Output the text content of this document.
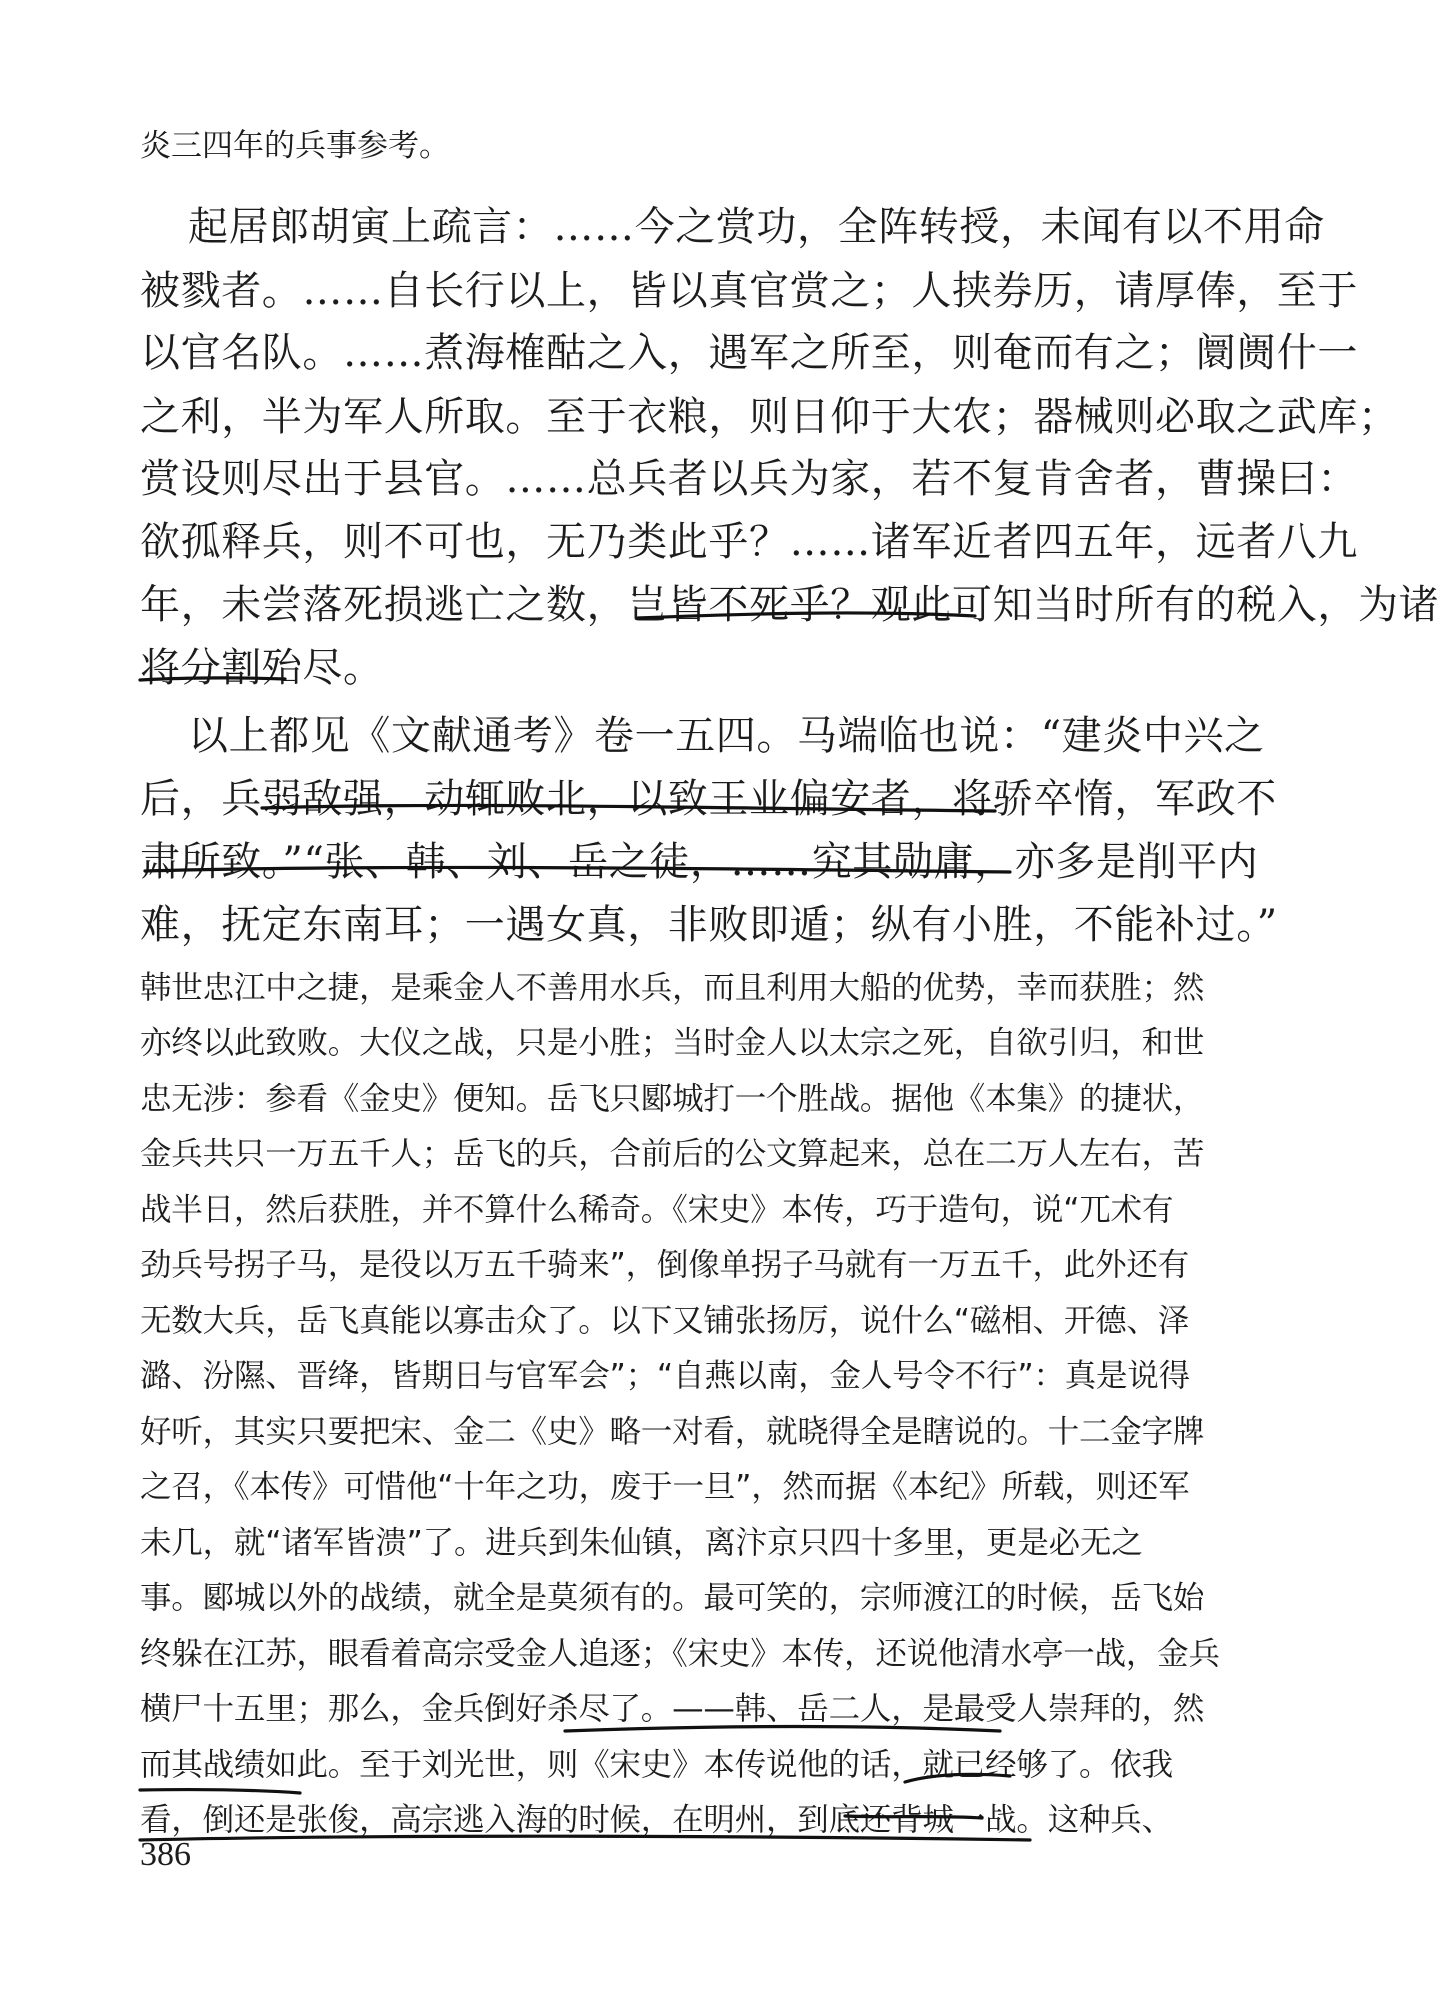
炎三四年的兵事参考。
起居郎胡寅上疏言：……今之赏功，全阵转授，未闻有以不用命
被戮者。……自长行以上，皆以真官赏之；人挟券历，请厚俸，至于
以官名队。……煮海榷酤之入，遇军之所至，则奄而有之；阛阓什一
之利，半为军人所取。至于衣粮，则日仰于大农；器械则必取之武库；
赏设则尽出于县官。……总兵者以兵为家，若不复肯舍者，曹操曰：
欲孤释兵，则不可也，无乃类此乎？……诸军近者四五年，远者八九
年，未尝落死损逃亡之数，岂皆不死乎？观此可知当时所有的税入，为诸
将分割殆尽。
以上都见《文献通考》卷一五四。马端临也说：“建炎中兴之
后，兵弱敌强，动辄败北，以致王业偏安者，将骄卒惰，军政不
肃所致。”“张、韩、刘、岳之徒，……究其勋庸，亦多是削平内
难，抚定东南耳；一遇女真，非败即遁；纵有小胜，不能补过。”
韩世忠江中之捷，是乘金人不善用水兵，而且利用大船的优势，幸而获胜；然
亦终以此致败。大仪之战，只是小胜；当时金人以太宗之死，自欲引归，和世
忠无涉：参看《金史》便知。岳飞只郾城打一个胜战。据他《本集》的捷状，
金兵共只一万五千人；岳飞的兵，合前后的公文算起来，总在二万人左右，苦
战半日，然后获胜，并不算什么稀奇。《宋史》本传，巧于造句，说“兀术有
劲兵号拐子马，是役以万五千骑来”，倒像单拐子马就有一万五千，此外还有
无数大兵，岳飞真能以寡击众了。以下又铺张扬厉，说什么“磁相、开德、泽
潞、汾隰、晋绛，皆期日与官军会”；“自燕以南，金人号令不行”：真是说得
好听，其实只要把宋、金二《史》略一对看，就晓得全是瞎说的。十二金字牌
之召，《本传》可惜他“十年之功，废于一旦”，然而据《本纪》所载，则还军
未几，就“诸军皆溃”了。进兵到朱仙镇，离汴京只四十多里，更是必无之
事。郾城以外的战绩，就全是莫须有的。最可笑的，宗师渡江的时候，岳飞始
终躲在江苏，眼看着高宗受金人追逐；《宋史》本传，还说他清水亭一战，金兵
横尸十五里；那么，金兵倒好杀尽了。——韩、岳二人，是最受人崇拜的，然
而其战绩如此。至于刘光世，则《宋史》本传说他的话，就已经够了。依我
看，倒还是张俊，高宗逃入海的时候，在明州，到底还背城一战。这种兵、
386
